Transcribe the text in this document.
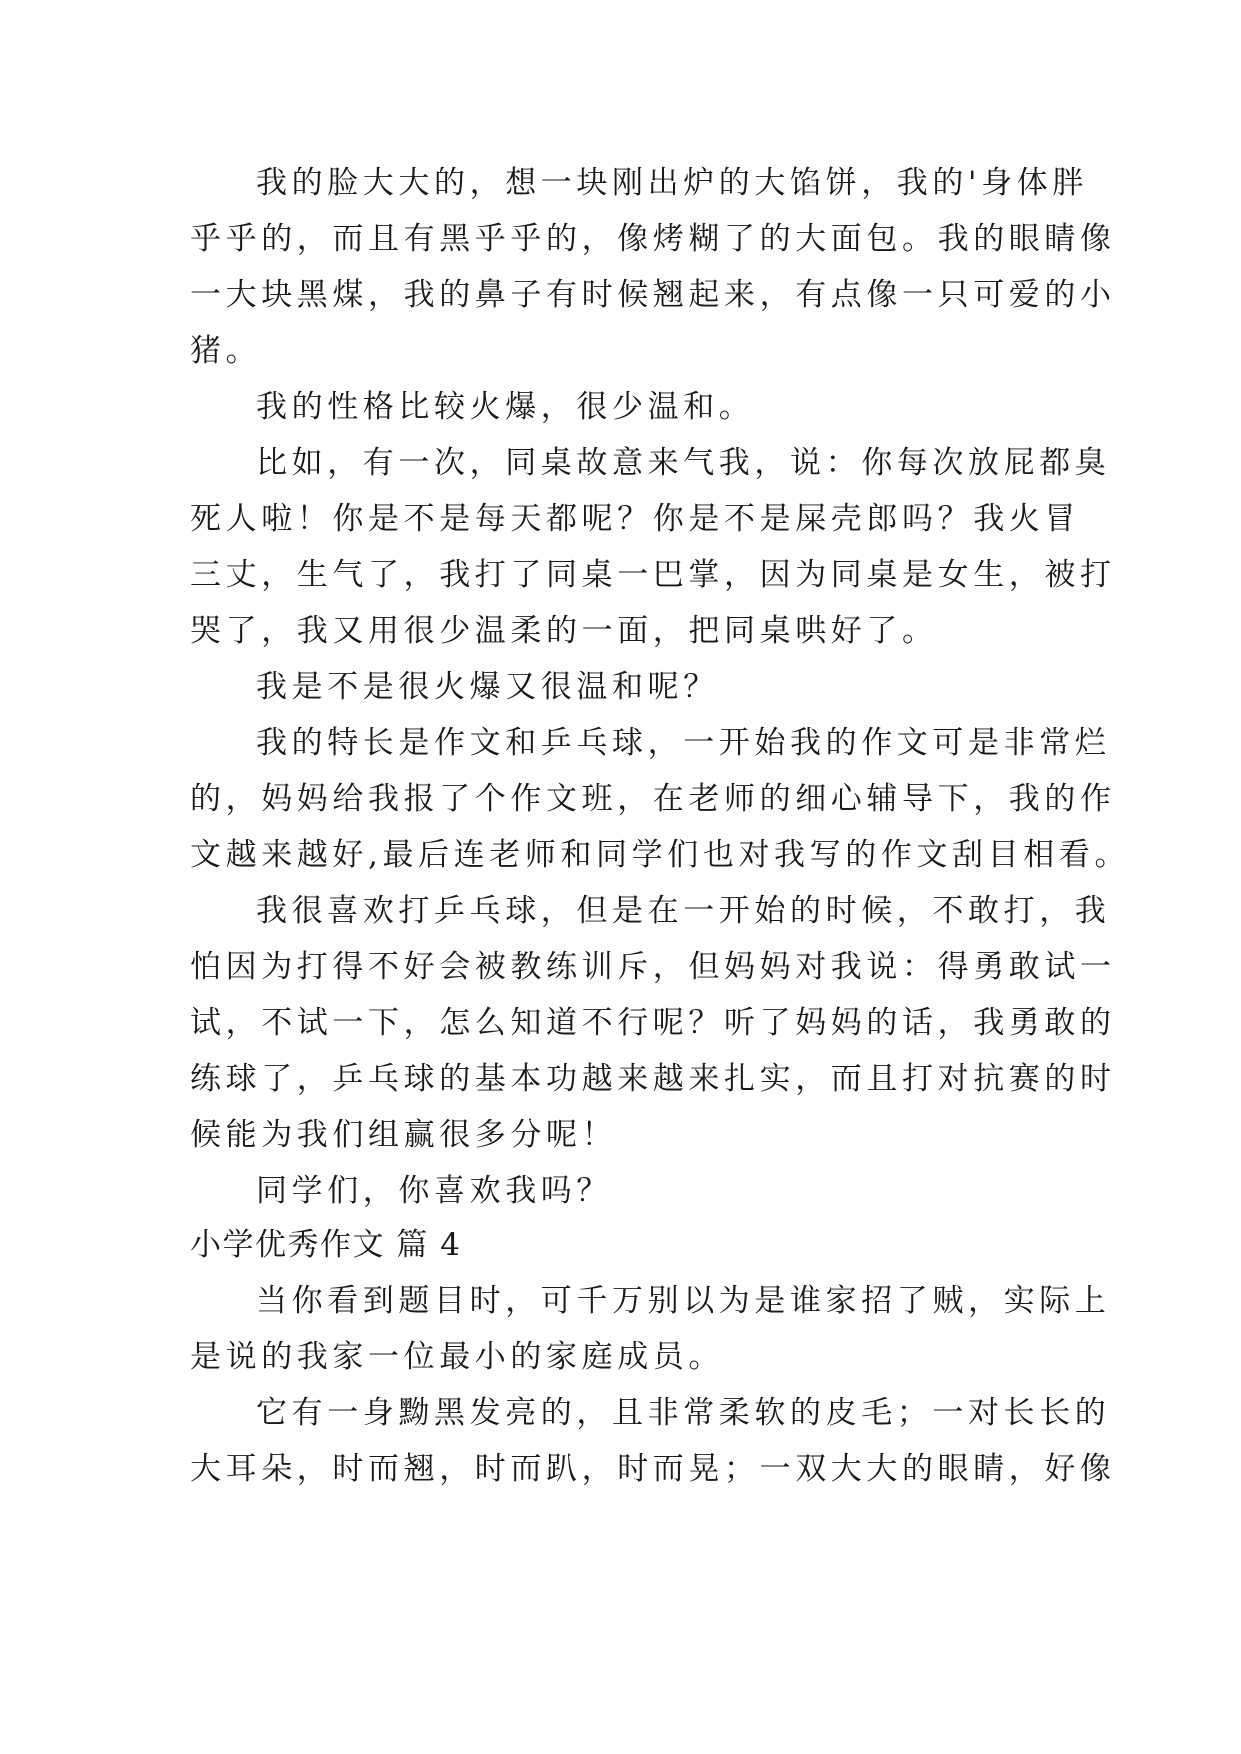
我的脸大大的，想一块刚出炉的大馅饼，我的'身体胖
乎乎的，而且有黑乎乎的，像烤糊了的大面包。我的眼睛像
一大块黑煤，我的鼻子有时候翘起来，有点像一只可爱的小
猪。
我的性格比较火爆，很少温和。
比如，有一次，同桌故意来气我，说：你每次放屁都臭
死人啦！你是不是每天都呢？你是不是屎壳郎吗？我火冒
三丈，生气了，我打了同桌一巴掌，因为同桌是女生，被打
哭了，我又用很少温柔的一面，把同桌哄好了。
我是不是很火爆又很温和呢？
我的特长是作文和乒乓球，一开始我的作文可是非常烂
的，妈妈给我报了个作文班，在老师的细心辅导下，我的作
文越来越好,最后连老师和同学们也对我写的作文刮目相看。
我很喜欢打乒乓球，但是在一开始的时候，不敢打，我
怕因为打得不好会被教练训斥，但妈妈对我说：得勇敢试一
试，不试一下，怎么知道不行呢？听了妈妈的话，我勇敢的
练球了，乒乓球的基本功越来越来扎实，而且打对抗赛的时
候能为我们组赢很多分呢！
同学们，你喜欢我吗？
小学优秀作文 篇 4
当你看到题目时，可千万别以为是谁家招了贼，实际上
是说的我家一位最小的家庭成员。
它有一身黝黑发亮的，且非常柔软的皮毛；一对长长的
大耳朵，时而翘，时而趴，时而晃；一双大大的眼睛，好像
